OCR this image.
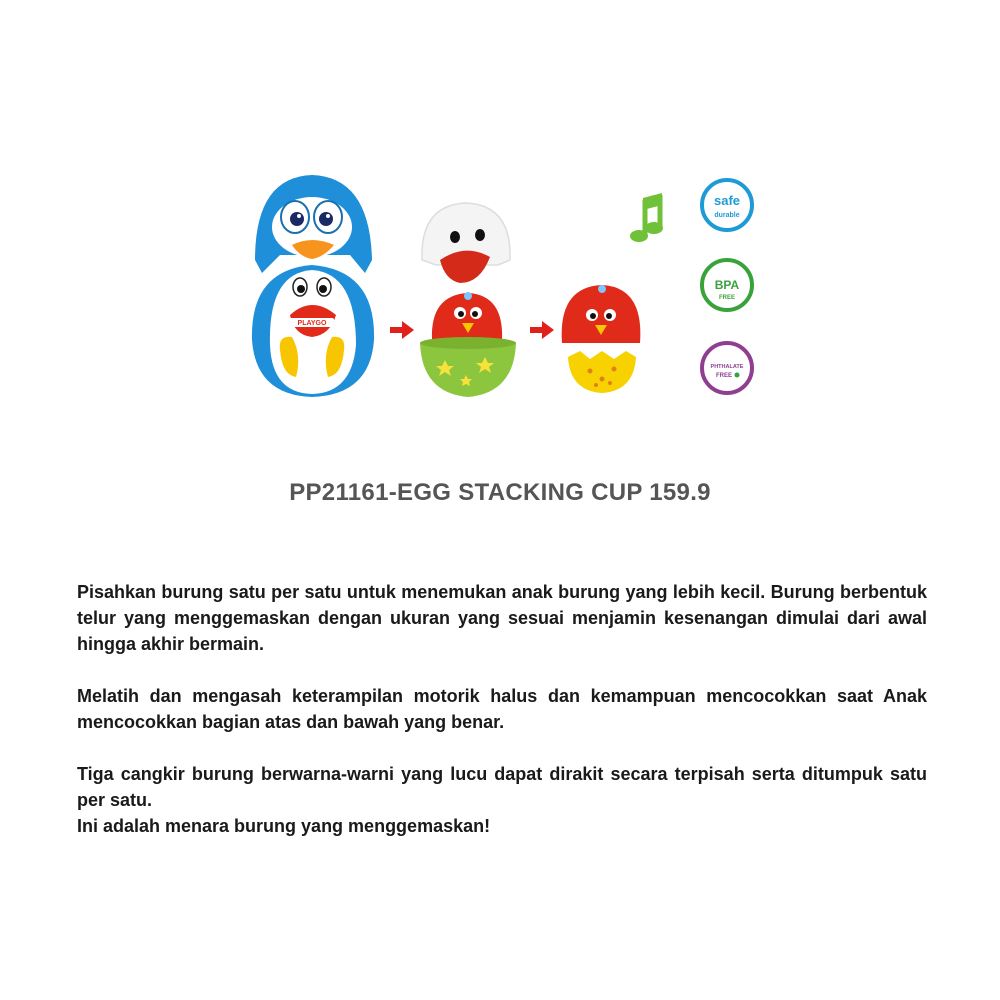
PLAYGO
safe
durable
BPA
FREE
PHTHALATE
FREE
PP21161-EGG STACKING CUP 159.9

Pisahkan burung satu per satu untuk menemukan anak burung yang lebih kecil. Burung berbentuk telur yang menggemaskan dengan ukuran yang sesuai menjamin kesenangan dimulai dari awal hingga akhir bermain.

Melatih dan mengasah keterampilan motorik halus dan kemampuan mencocokkan saat Anak mencocokkan bagian atas dan bawah yang benar.

Tiga cangkir burung berwarna-warni yang lucu dapat dirakit secara terpisah serta ditumpuk satu per satu.

Ini adalah menara burung yang menggemaskan!
